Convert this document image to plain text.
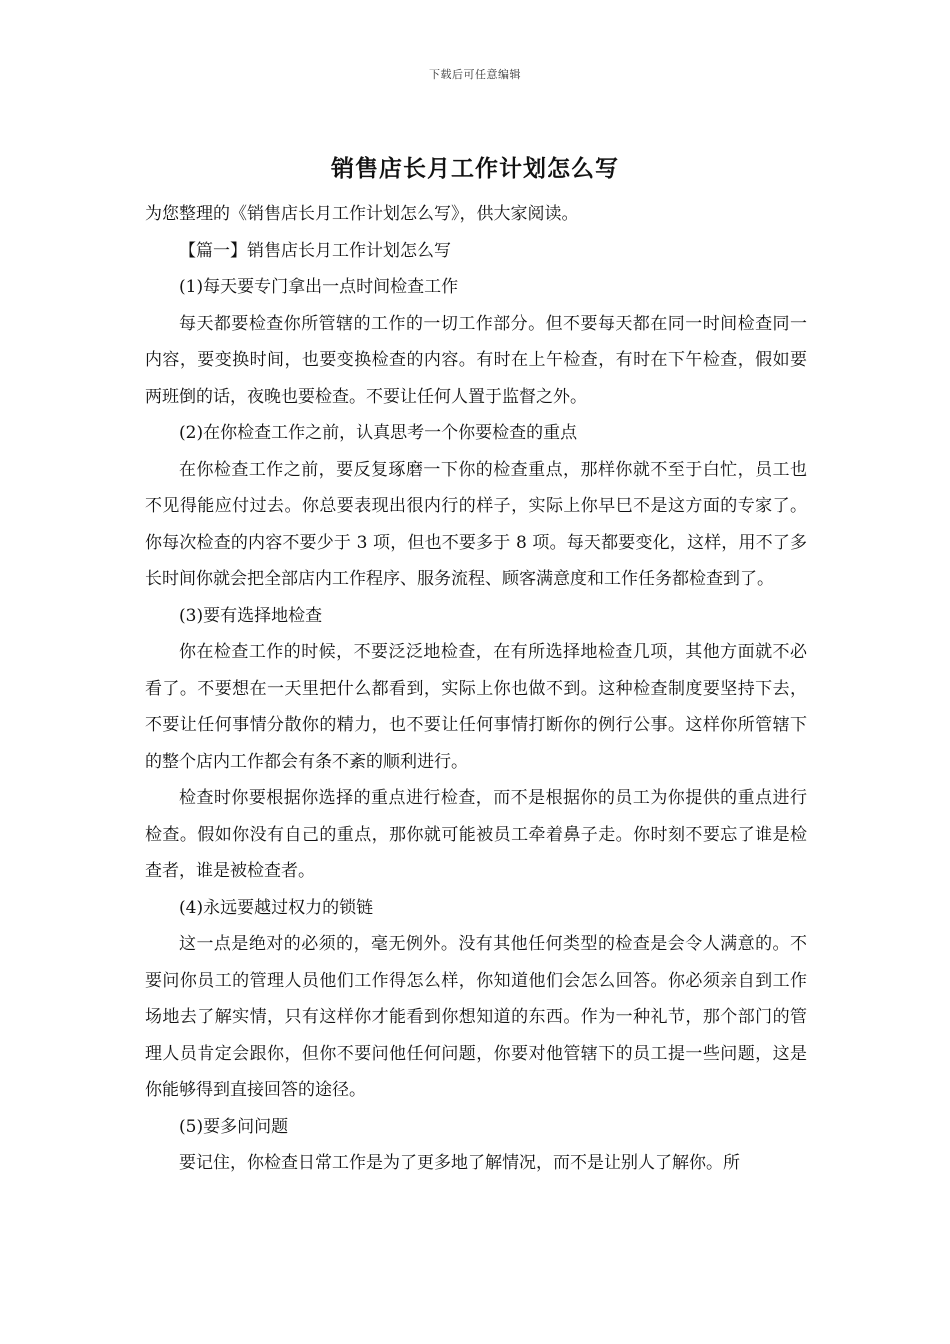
下载后可任意编辑
销售店长月工作计划怎么写

为您整理的《销售店长月工作计划怎么写》，供大家阅读。

【篇一】销售店长月工作计划怎么写

(1)每天要专门拿出一点时间检查工作

每天都要检查你所管辖的工作的一切工作部分。但不要每天都在同一时间检查同一内容，要变换时间，也要变换检查的内容。有时在上午检查，有时在下午检查，假如要两班倒的话，夜晚也要检查。不要让任何人置于监督之外。

(2)在你检查工作之前，认真思考一个你要检查的重点

在你检查工作之前，要反复琢磨一下你的检查重点，那样你就不至于白忙，员工也不见得能应付过去。你总要表现出很内行的样子，实际上你早巳不是这方面的专家了。你每次检查的内容不要少于 3 项，但也不要多于 8 项。每天都要变化，这样，用不了多长时间你就会把全部店内工作程序、服务流程、顾客满意度和工作任务都检查到了。

(3)要有选择地检查

你在检查工作的时候，不要泛泛地检查，在有所选择地检查几项，其他方面就不必看了。不要想在一天里把什么都看到，实际上你也做不到。这种检查制度要坚持下去，不要让任何事情分散你的精力，也不要让任何事情打断你的例行公事。这样你所管辖下的整个店内工作都会有条不紊的顺利进行。

检查时你要根据你选择的重点进行检查，而不是根据你的员工为你提供的重点进行检查。假如你没有自己的重点，那你就可能被员工牵着鼻子走。你时刻不要忘了谁是检查者，谁是被检查者。

(4)永远要越过权力的锁链

这一点是绝对的必须的，毫无例外。没有其他任何类型的检查是会令人满意的。不要问你员工的管理人员他们工作得怎么样，你知道他们会怎么回答。你必须亲自到工作场地去了解实情，只有这样你才能看到你想知道的东西。作为一种礼节，那个部门的管理人员肯定会跟你，但你不要问他任何问题，你要对他管辖下的员工提一些问题，这是你能够得到直接回答的途径。

(5)要多问问题

要记住，你检查日常工作是为了更多地了解情况，而不是让别人了解你。所
